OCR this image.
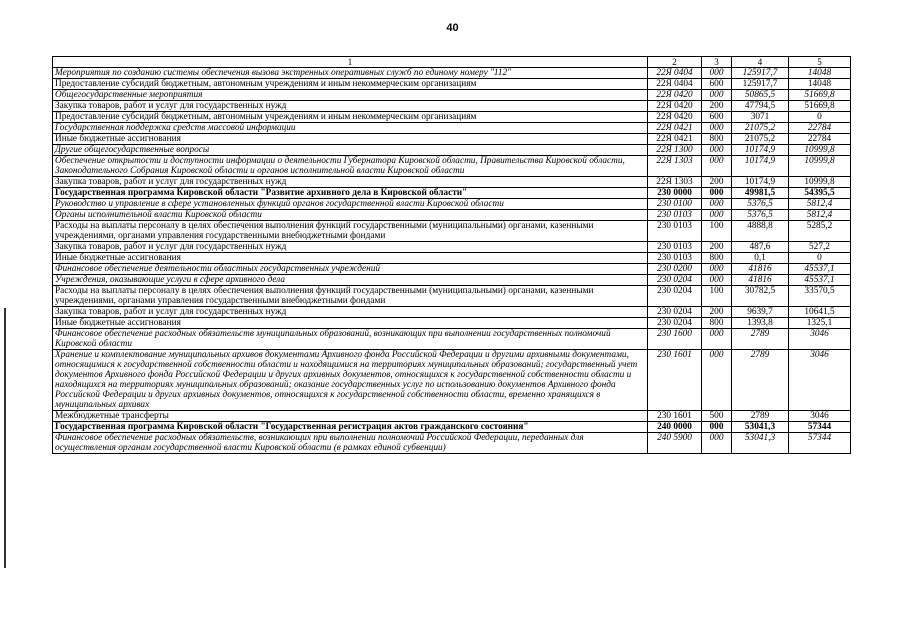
40
1	2	3	4	5
Мероприятия по созданию системы обеспечения вызова экстренных оперативных служб по единому номеру "112"	22Я 0404	000	125917,7	14048
Предоставление субсидий бюджетным, автономным учреждениям и иным некоммерческим организациям	22Я 0404	600	125917,7	14048
Общегосударственные мероприятия	22Я 0420	000	50865,5	51669,8
Закупка товаров, работ и услуг для государственных нужд	22Я 0420	200	47794,5	51669,8
Предоставление субсидий бюджетным, автономным учреждениям и иным некоммерческим организациям	22Я 0420	600	3071	0
Государственная поддержка средств массовой информации	22Я 0421	000	21075,2	22784
Иные бюджетные ассигнования	22Я 0421	800	21075,2	22784
Другие общегосударственные вопросы	22Я 1300	000	10174,9	10999,8
Обеспечение открытости и доступности информации о деятельности Губернатора Кировской области, Правительства Кировской области, Законодательного Собрания Кировской области и органов исполнительной власти Кировской области	22Я 1303	000	10174,9	10999,8
Закупка товаров, работ и услуг для государственных нужд	22Я 1303	200	10174,9	10999,8
Государственная программа Кировской области "Развитие архивного дела в Кировской области"	230 0000	000	49981,5	54395,5
Руководство и управление в сфере установленных функций органов государственной власти Кировской области	230 0100	000	5376,5	5812,4
Органы исполнительной власти Кировской области	230 0103	000	5376,5	5812,4
Расходы на выплаты персоналу в целях обеспечения выполнения функций государственными (муниципальными) органами, казенными учреждениями, органами управления государственными внебюджетными фондами	230 0103	100	4888,8	5285,2
Закупка товаров, работ и услуг для государственных нужд	230 0103	200	487,6	527,2
Иные бюджетные ассигнования	230 0103	800	0,1	0
Финансовое обеспечение деятельности областных государственных учреждений	230 0200	000	41816	45537,1
Учреждения, оказывающие услуги в сфере архивного дела	230 0204	000	41816	45537,1
Расходы на выплаты персоналу в целях обеспечения выполнения функций государственными (муниципальными) органами, казенными учреждениями, органами управления государственными внебюджетными фондами	230 0204	100	30782,5	33570,5
Закупка товаров, работ и услуг для государственных нужд	230 0204	200	9639,7	10641,5
Иные бюджетные ассигнования	230 0204	800	1393,8	1325,1
Финансовое обеспечение расходных обязательств муниципальных образований, возникающих при выполнении государственных полномочий Кировской области	230 1600	000	2789	3046
Хранение и комплектование муниципальных архивов документами Архивного фонда Российской Федерации и другими архивными документами, относящимися к государственной собственности области и находящимися на территориях муниципальных образований; государственный учет документов Архивного фонда Российской Федерации и других архивных документов, относящихся к государственной собственности области и находящихся на территориях муниципальных образований; оказание государственных услуг по использованию документов Архивного фонда Российской Федерации и других архивных документов, относящихся к государственной собственности области, временно хранящихся в муниципальных архивах	230 1601	000	2789	3046
Межбюджетные трансферты	230 1601	500	2789	3046
Государственная программа Кировской области "Государственная регистрация актов гражданского состояния"	240 0000	000	53041,3	57344
Финансовое обеспечение расходных обязательств, возникающих при выполнении полномочий Российской Федерации, переданных для осуществления органам государственной власти Кировской области (в рамках единой субвенции)	240 5900	000	53041,3	57344
